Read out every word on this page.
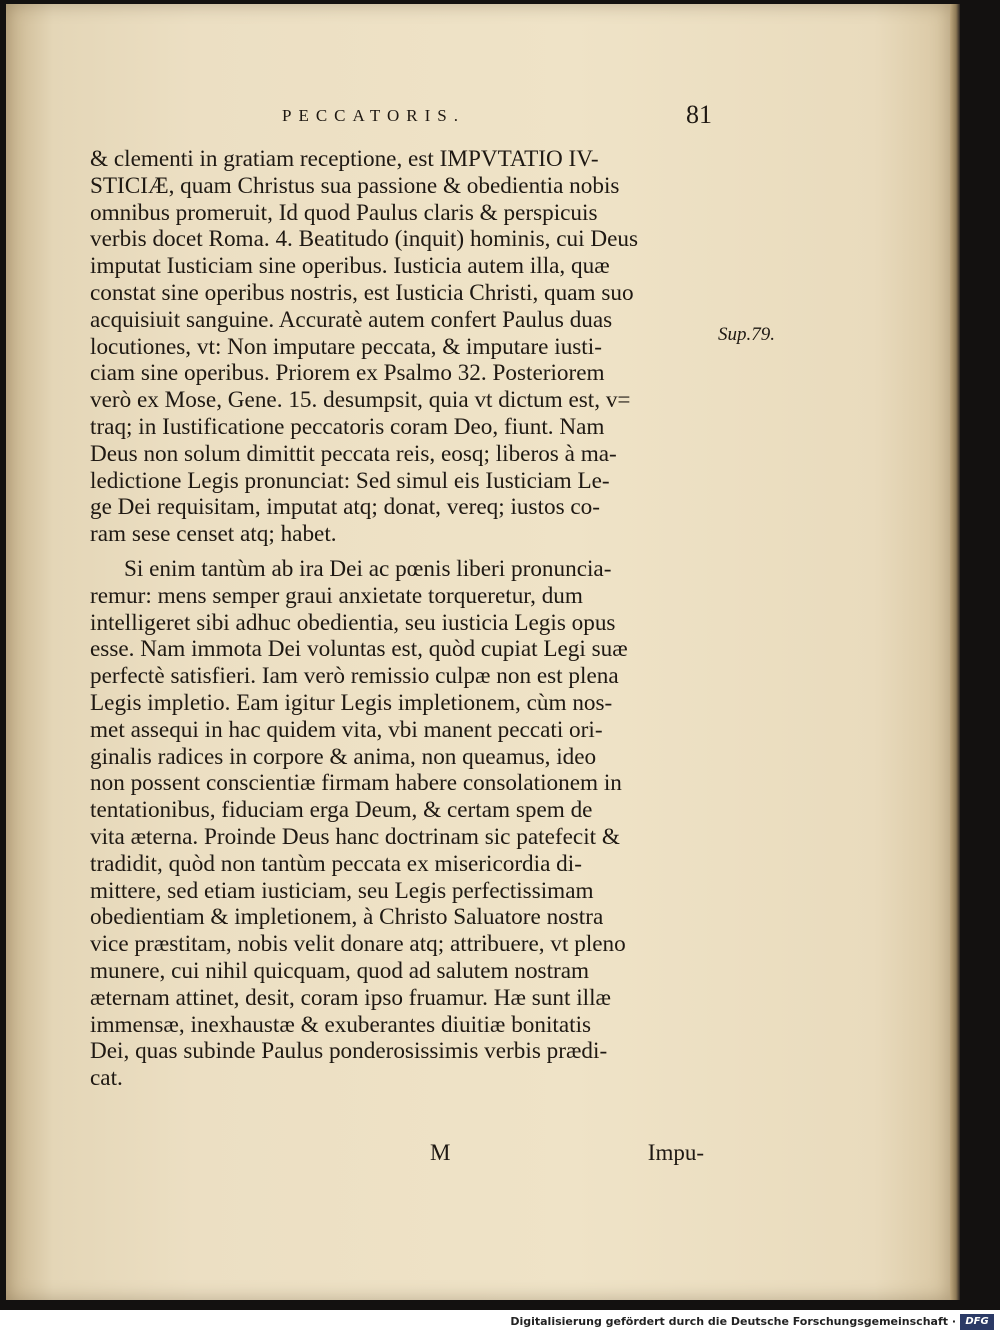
PECCATORIS.	81
& clementi in gratiam receptione, est IMPVTATIO IV-
STICIÆ, quam Christus sua passione & obedientia nobis
omnibus promeruit, Id quod Paulus claris & perspicuis
verbis docet Roma. 4. Beatitudo (inquit) hominis, cui Deus
imputat Iusticiam sine operibus. Iusticia autem illa, quæ
constat sine operibus nostris, est Iusticia Christi, quam suo
acquisiuit sanguine. Accuratè autem confert Paulus duas
locutiones, vt: Non imputare peccata, & imputare iusti-
ciam sine operibus. Priorem ex Psalmo 32. Posteriorem
verò ex Mose, Gene. 15. desumpsit, quia vt dictum est, v=
traq; in Iustificatione peccatoris coram Deo, fiunt. Nam
Deus non solum dimittit peccata reis, eosq; liberos à ma-
ledictione Legis pronunciat: Sed simul eis Iusticiam Le-
ge Dei requisitam, imputat atq; donat, vereq; iustos co-
ram sese censet atq; habet.
Si enim tantùm ab ira Dei ac pœnis liberi pronuncia-
remur: mens semper graui anxietate torqueretur, dum
intelligeret sibi adhuc obedientia, seu iusticia Legis opus
esse. Nam immota Dei voluntas est, quòd cupiat Legi suæ
perfectè satisfieri. Iam verò remissio culpæ non est plena
Legis impletio. Eam igitur Legis impletionem, cùm nos-
met assequi in hac quidem vita, vbi manent peccati ori-
ginalis radices in corpore & anima, non queamus, ideo
non possent conscientiæ firmam habere consolationem in
tentationibus, fiduciam erga Deum, & certam spem de
vita æterna. Proinde Deus hanc doctrinam sic patefecit &
tradidit, quòd non tantùm peccata ex misericordia di-
mittere, sed etiam iusticiam, seu Legis perfectissimam
obedientiam & impletionem, à Christo Saluatore nostra
vice præstitam, nobis velit donare atq; attribuere, vt pleno
munere, cui nihil quicquam, quod ad salutem nostram
æternam attinet, desit, coram ipso fruamur. Hæ sunt illæ
immensæ, inexhaustæ & exuberantes diuitiæ bonitatis
Dei, quas subinde Paulus ponderosissimis verbis prædi-
cat.
Sup.79.
M	Impu-
Digitalisierung gefördert durch die Deutsche Forschungsgemeinschaft · DFG
